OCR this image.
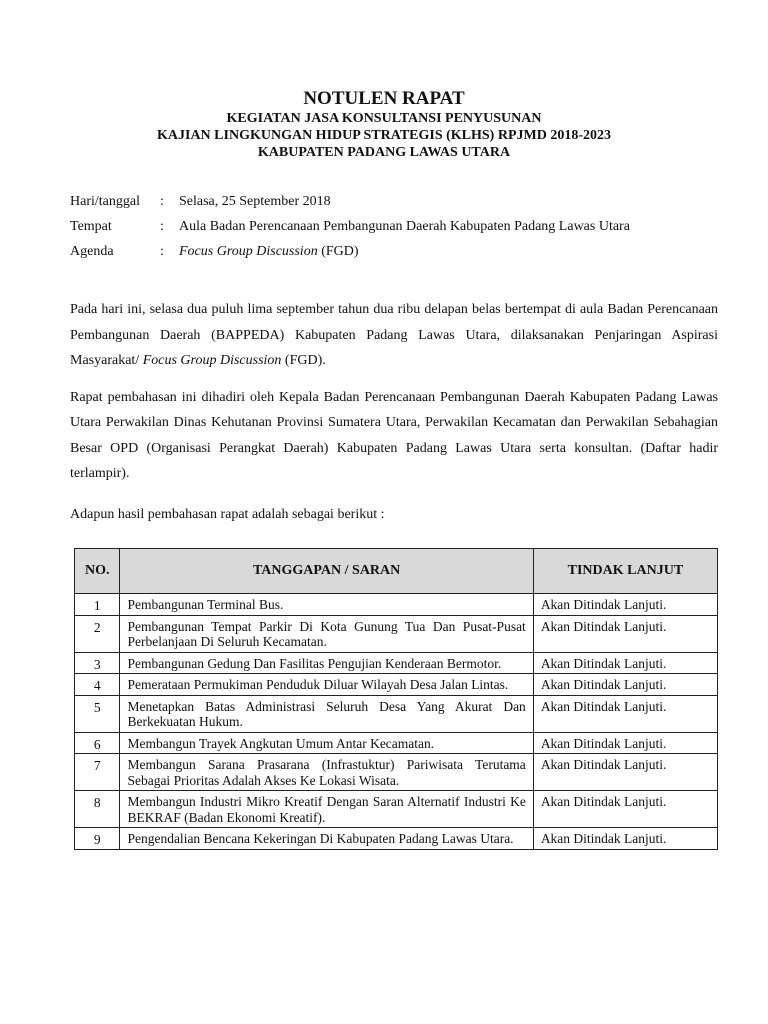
NOTULEN RAPAT
KEGIATAN JASA KONSULTANSI PENYUSUNAN
KAJIAN LINGKUNGAN HIDUP STRATEGIS (KLHS) RPJMD 2018-2023
KABUPATEN PADANG LAWAS UTARA
Hari/tanggal	:	Selasa, 25 September 2018
Tempat	:	Aula Badan Perencanaan Pembangunan Daerah Kabupaten Padang Lawas Utara
Agenda	:	Focus Group Discussion (FGD)

Pada hari ini, selasa dua puluh lima september tahun dua ribu delapan belas bertempat di aula Badan Perencanaan Pembangunan Daerah (BAPPEDA) Kabupaten Padang Lawas Utara, dilaksanakan Penjaringan Aspirasi Masyarakat/ Focus Group Discussion (FGD).

Rapat pembahasan ini dihadiri oleh Kepala Badan Perencanaan Pembangunan Daerah Kabupaten Padang Lawas Utara Perwakilan Dinas Kehutanan Provinsi Sumatera Utara, Perwakilan Kecamatan dan Perwakilan Sebahagian Besar OPD (Organisasi Perangkat Daerah) Kabupaten Padang Lawas Utara serta konsultan. (Daftar hadir terlampir).

Adapun hasil pembahasan rapat adalah sebagai berikut :
NO.	TANGGAPAN / SARAN	TINDAK LANJUT
1	Pembangunan Terminal Bus.	Akan Ditindak Lanjuti.
2	Pembangunan Tempat Parkir Di Kota Gunung Tua Dan Pusat-Pusat Perbelanjaan Di Seluruh Kecamatan.	Akan Ditindak Lanjuti.
3	Pembangunan Gedung Dan Fasilitas Pengujian Kenderaan Bermotor.	Akan Ditindak Lanjuti.
4	Pemerataan Permukiman Penduduk Diluar Wilayah Desa Jalan Lintas.	Akan Ditindak Lanjuti.
5	Menetapkan Batas Administrasi Seluruh Desa Yang Akurat Dan Berkekuatan Hukum.	Akan Ditindak Lanjuti.
6	Membangun Trayek Angkutan Umum Antar Kecamatan.	Akan Ditindak Lanjuti.
7	Membangun Sarana Prasarana (Infrastuktur) Pariwisata Terutama Sebagai Prioritas Adalah Akses Ke Lokasi Wisata.	Akan Ditindak Lanjuti.
8	Membangun Industri Mikro Kreatif Dengan Saran Alternatif Industri Ke BEKRAF (Badan Ekonomi Kreatif).	Akan Ditindak Lanjuti.
9	Pengendalian Bencana Kekeringan Di Kabupaten Padang Lawas Utara.	Akan Ditindak Lanjuti.
